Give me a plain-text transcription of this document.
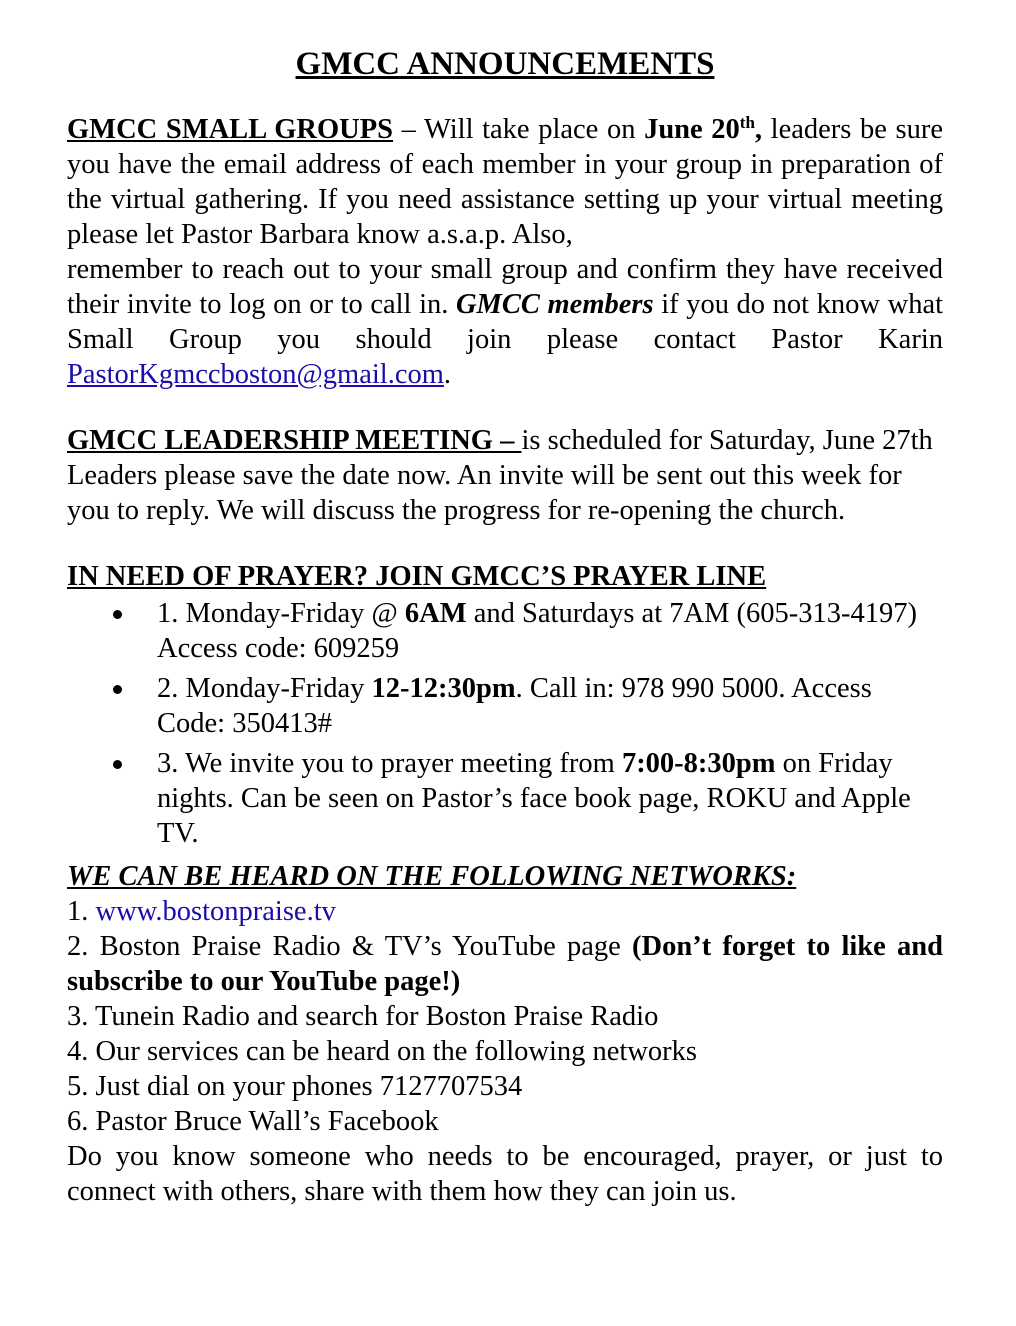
GMCC ANNOUNCEMENTS

GMCC SMALL GROUPS – Will take place on June 20th, leaders be sure you have the email address of each member in your group in preparation of the virtual gathering. If you need assistance setting up your virtual meeting please let Pastor Barbara know a.s.a.p. Also,

remember to reach out to your small group and confirm they have received their invite to log on or to call in. GMCC members if you do not know what Small Group you should join please contact Pastor Karin PastorKgmccboston@gmail.com.

GMCC LEADERSHIP MEETING – is scheduled for Saturday, June 27th Leaders please save the date now. An invite will be sent out this week for you to reply. We will discuss the progress for re-opening the church.

IN NEED OF PRAYER? JOIN GMCC’S PRAYER LINE

1. Monday-Friday @ 6AM and Saturdays at 7AM (605-313-4197) Access code: 609259
2. Monday-Friday 12-12:30pm. Call in: 978 990 5000. Access Code: 350413#
3. We invite you to prayer meeting from 7:00-8:30pm on Friday nights. Can be seen on Pastor’s face book page, ROKU and Apple TV.
WE CAN BE HEARD ON THE FOLLOWING NETWORKS:
1. www.bostonpraise.tv

2. Boston Praise Radio & TV’s YouTube page (Don’t forget to like and subscribe to our YouTube page!)

3. Tunein Radio and search for Boston Praise Radio
4. Our services can be heard on the following networks
5. Just dial on your phones 7127707534
6. Pastor Bruce Wall’s Facebook

Do you know someone who needs to be encouraged, prayer, or just to connect with others, share with them how they can join us.
